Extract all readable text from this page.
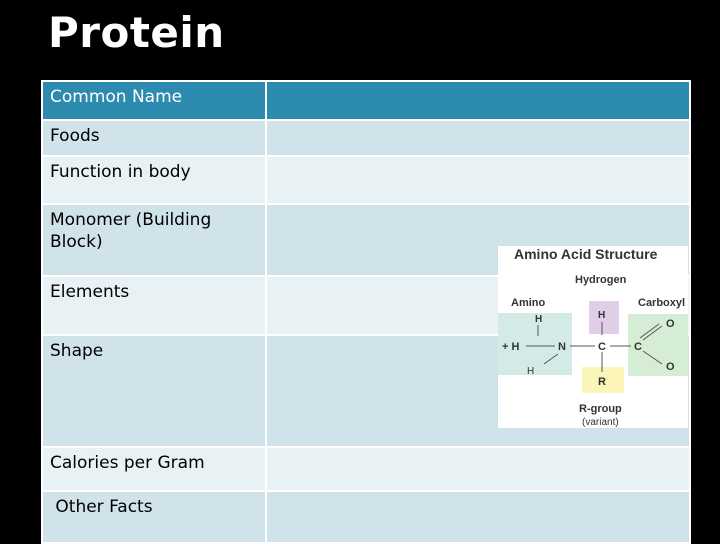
Protein
Common Name	
Foods	
Function in body	
Monomer (Building Block)	
Elements	
Shape	
Calories per Gram	
Other Facts	
Amino Acid Structure
Hydrogen
Amino	Carboxyl
R-group
H	H
+ H	N	C	C
O
O
R
H
(variant)
